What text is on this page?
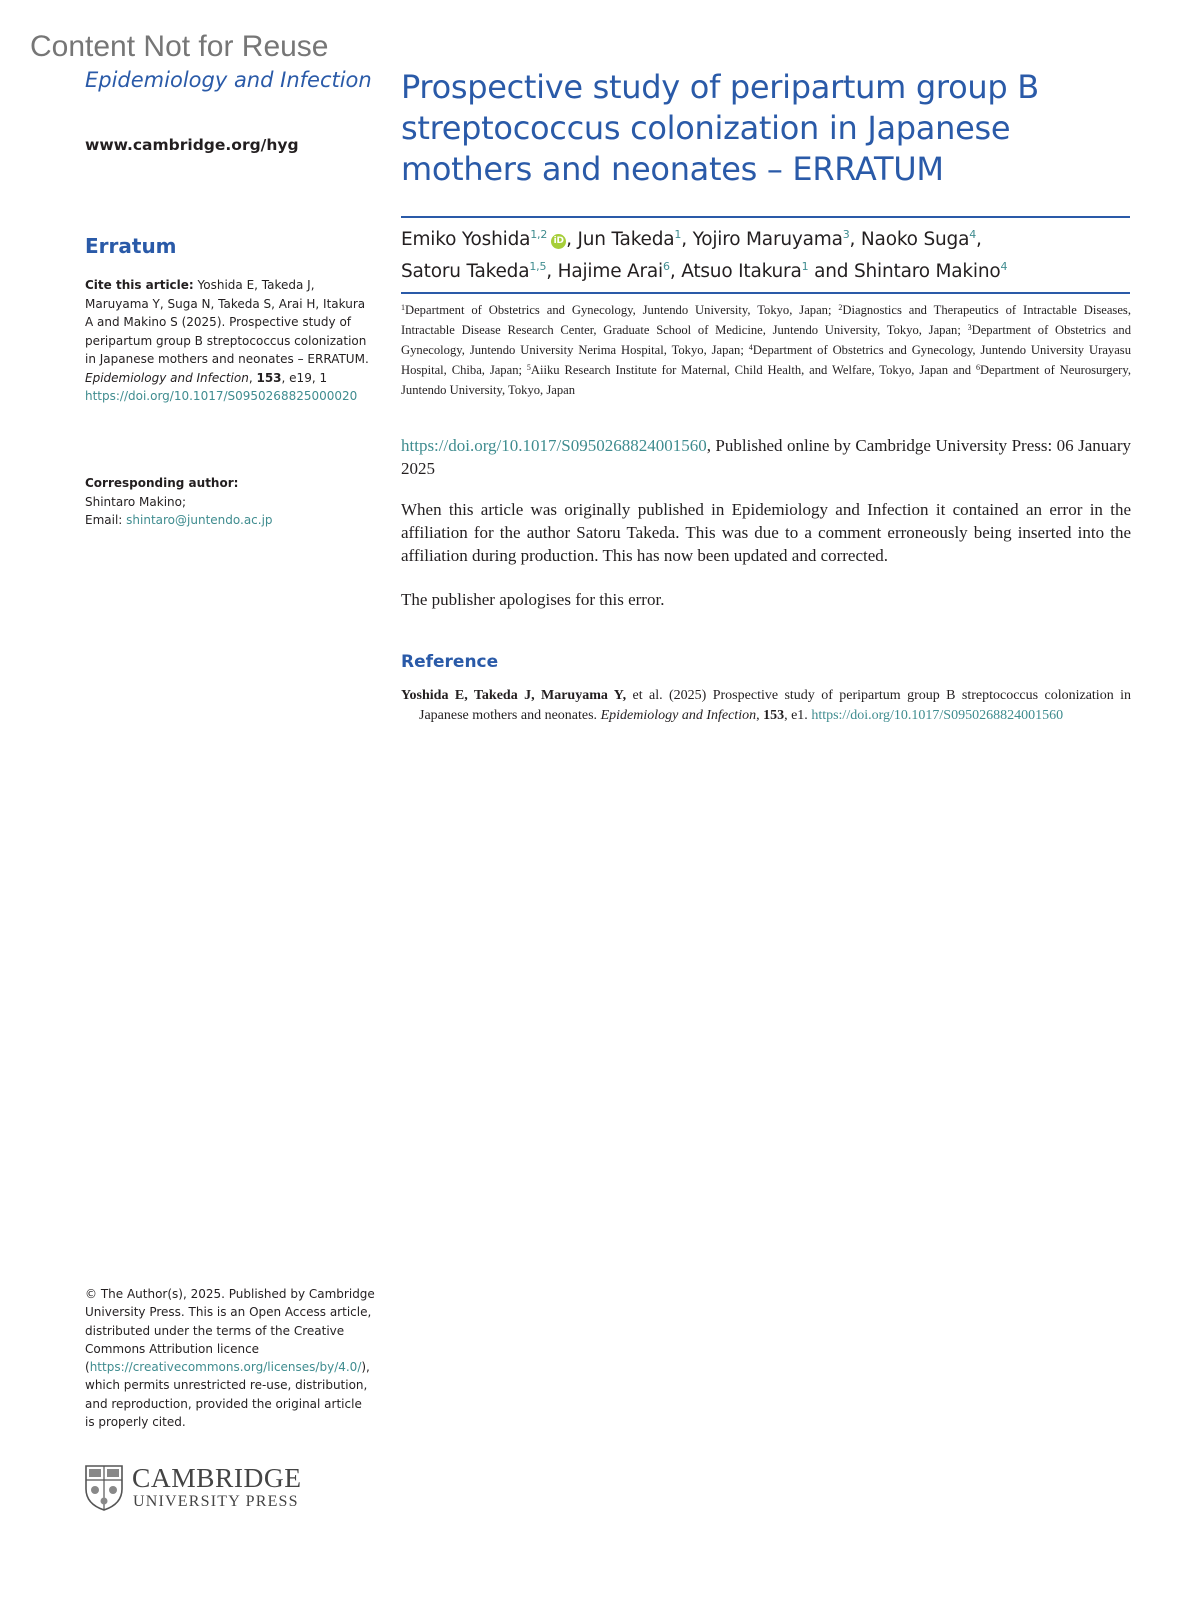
Content Not for Reuse
Epidemiology and Infection
www.cambridge.org/hyg
Erratum
Cite this article: Yoshida E, Takeda J, Maruyama Y, Suga N, Takeda S, Arai H, Itakura A and Makino S (2025). Prospective study of peripartum group B streptococcus colonization in Japanese mothers and neonates – ERRATUM. Epidemiology and Infection, 153, e19, 1
https://doi.org/10.1017/S0950268825000020
Corresponding author:
Shintaro Makino;
Email: shintaro@juntendo.ac.jp
© The Author(s), 2025. Published by Cambridge University Press. This is an Open Access article, distributed under the terms of the Creative Commons Attribution licence (https://creativecommons.org/licenses/by/4.0/), which permits unrestricted re-use, distribution, and reproduction, provided the original article is properly cited.
CAMBRIDGE
UNIVERSITY PRESS
Prospective study of peripartum group B streptococcus colonization in Japanese mothers and neonates – ERRATUM
Emiko Yoshida$^{1,2}$ iD , Jun Takeda$^1$, Yojiro Maruyama$^3$, Naoko Suga$^4$,
Satoru Takeda$^{1,5}$, Hajime Arai$^6$, Atsuo Itakura$^1$ and Shintaro Makino$^4$
$^1$Department of Obstetrics and Gynecology, Juntendo University, Tokyo, Japan; $^2$Diagnostics and Therapeutics of Intractable Diseases, Intractable Disease Research Center, Graduate School of Medicine, Juntendo University, Tokyo, Japan; $^3$Department of Obstetrics and Gynecology, Juntendo University Nerima Hospital, Tokyo, Japan; $^4$Department of Obstetrics and Gynecology, Juntendo University Urayasu Hospital, Chiba, Japan; $^5$Aiiku Research Institute for Maternal, Child Health, and Welfare, Tokyo, Japan and $^6$Department of Neurosurgery, Juntendo University, Tokyo, Japan
https://doi.org/10.1017/S0950268824001560, Published online by Cambridge University Press: 06 January 2025
When this article was originally published in Epidemiology and Infection it contained an error in the affiliation for the author Satoru Takeda. This was due to a comment erroneously being inserted into the affiliation during production. This has now been updated and corrected.
The publisher apologises for this error.
Reference
Yoshida E, Takeda J, Maruyama Y, et al. (2025) Prospective study of peripartum group B streptococcus colonization in Japanese mothers and neonates. Epidemiology and Infection, 153, e1. https://doi.org/10.1017/S0950268824001560
